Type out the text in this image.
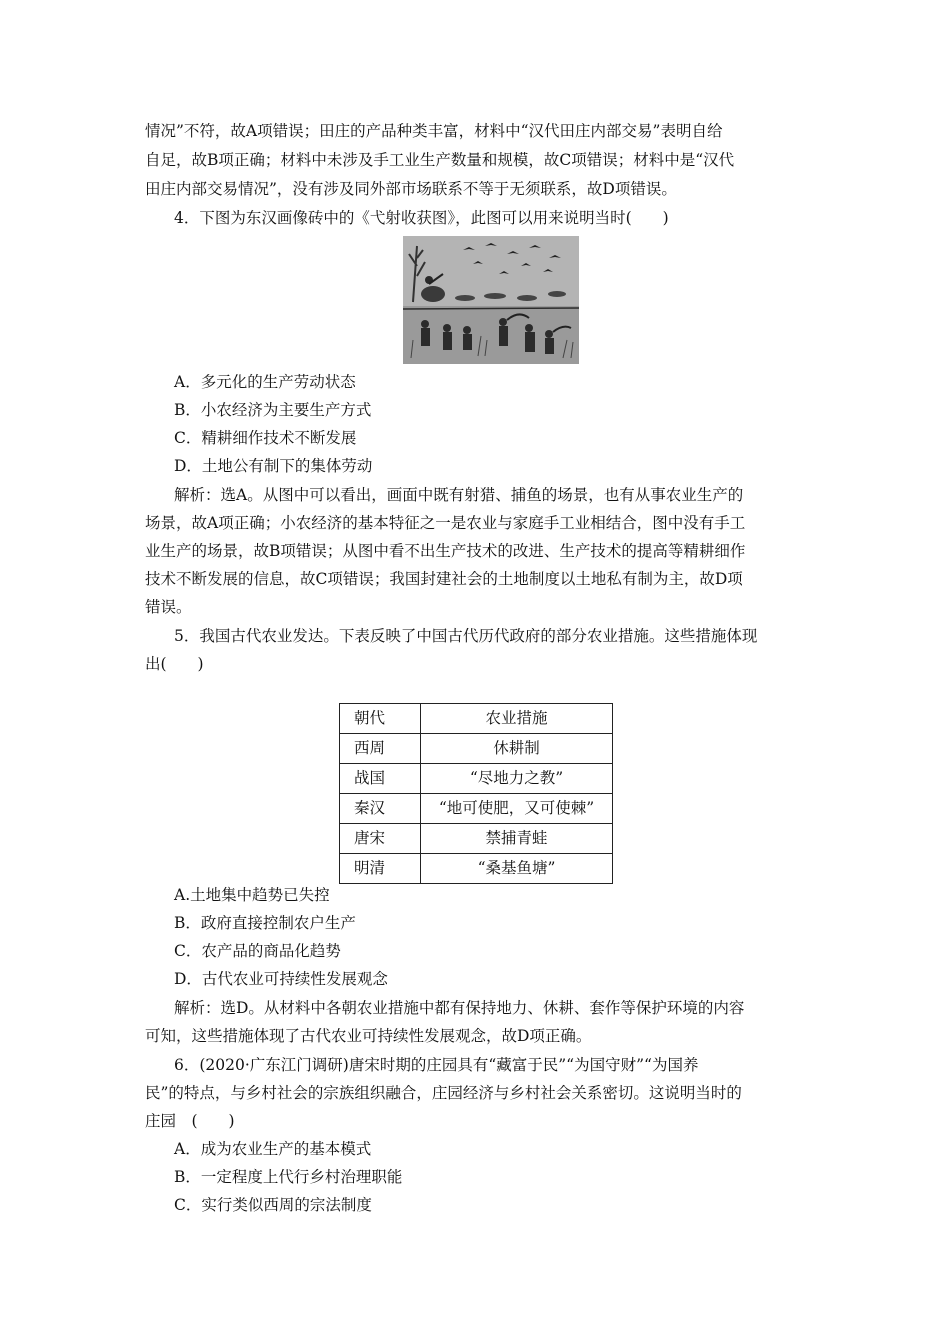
情况”不符，故A项错误；田庄的产品种类丰富，材料中“汉代田庄内部交易”表明自给
自足，故B项正确；材料中未涉及手工业生产数量和规模，故C项错误；材料中是“汉代
田庄内部交易情况”，没有涉及同外部市场联系不等于无须联系，故D项错误。
4．下图为东汉画像砖中的《弋射收获图》，此图可以用来说明当时(　　)
A．多元化的生产劳动状态
B．小农经济为主要生产方式
C．精耕细作技术不断发展
D．土地公有制下的集体劳动
解析：选A。从图中可以看出，画面中既有射猎、捕鱼的场景，也有从事农业生产的
场景，故A项正确；小农经济的基本特征之一是农业与家庭手工业相结合，图中没有手工
业生产的场景，故B项错误；从图中看不出生产技术的改进、生产技术的提高等精耕细作
技术不断发展的信息，故C项错误；我国封建社会的土地制度以土地私有制为主，故D项
错误。
5．我国古代农业发达。下表反映了中国古代历代政府的部分农业措施。这些措施体现
出(　　)
朝代	农业措施
西周	休耕制
战国	“尽地力之教”
秦汉	“地可使肥，又可使棘”
唐宋	禁捕青蛙
明清	“桑基鱼塘”
A.土地集中趋势已失控
B．政府直接控制农户生产
C．农产品的商品化趋势
D．古代农业可持续性发展观念
解析：选D。从材料中各朝农业措施中都有保持地力、休耕、套作等保护环境的内容
可知，这些措施体现了古代农业可持续性发展观念，故D项正确。
6．(2020·广东江门调研)唐宋时期的庄园具有“藏富于民”“为国守财”“为国养
民”的特点，与乡村社会的宗族组织融合，庄园经济与乡村社会关系密切。这说明当时的
庄园　(　　)
A．成为农业生产的基本模式
B．一定程度上代行乡村治理职能
C．实行类似西周的宗法制度
